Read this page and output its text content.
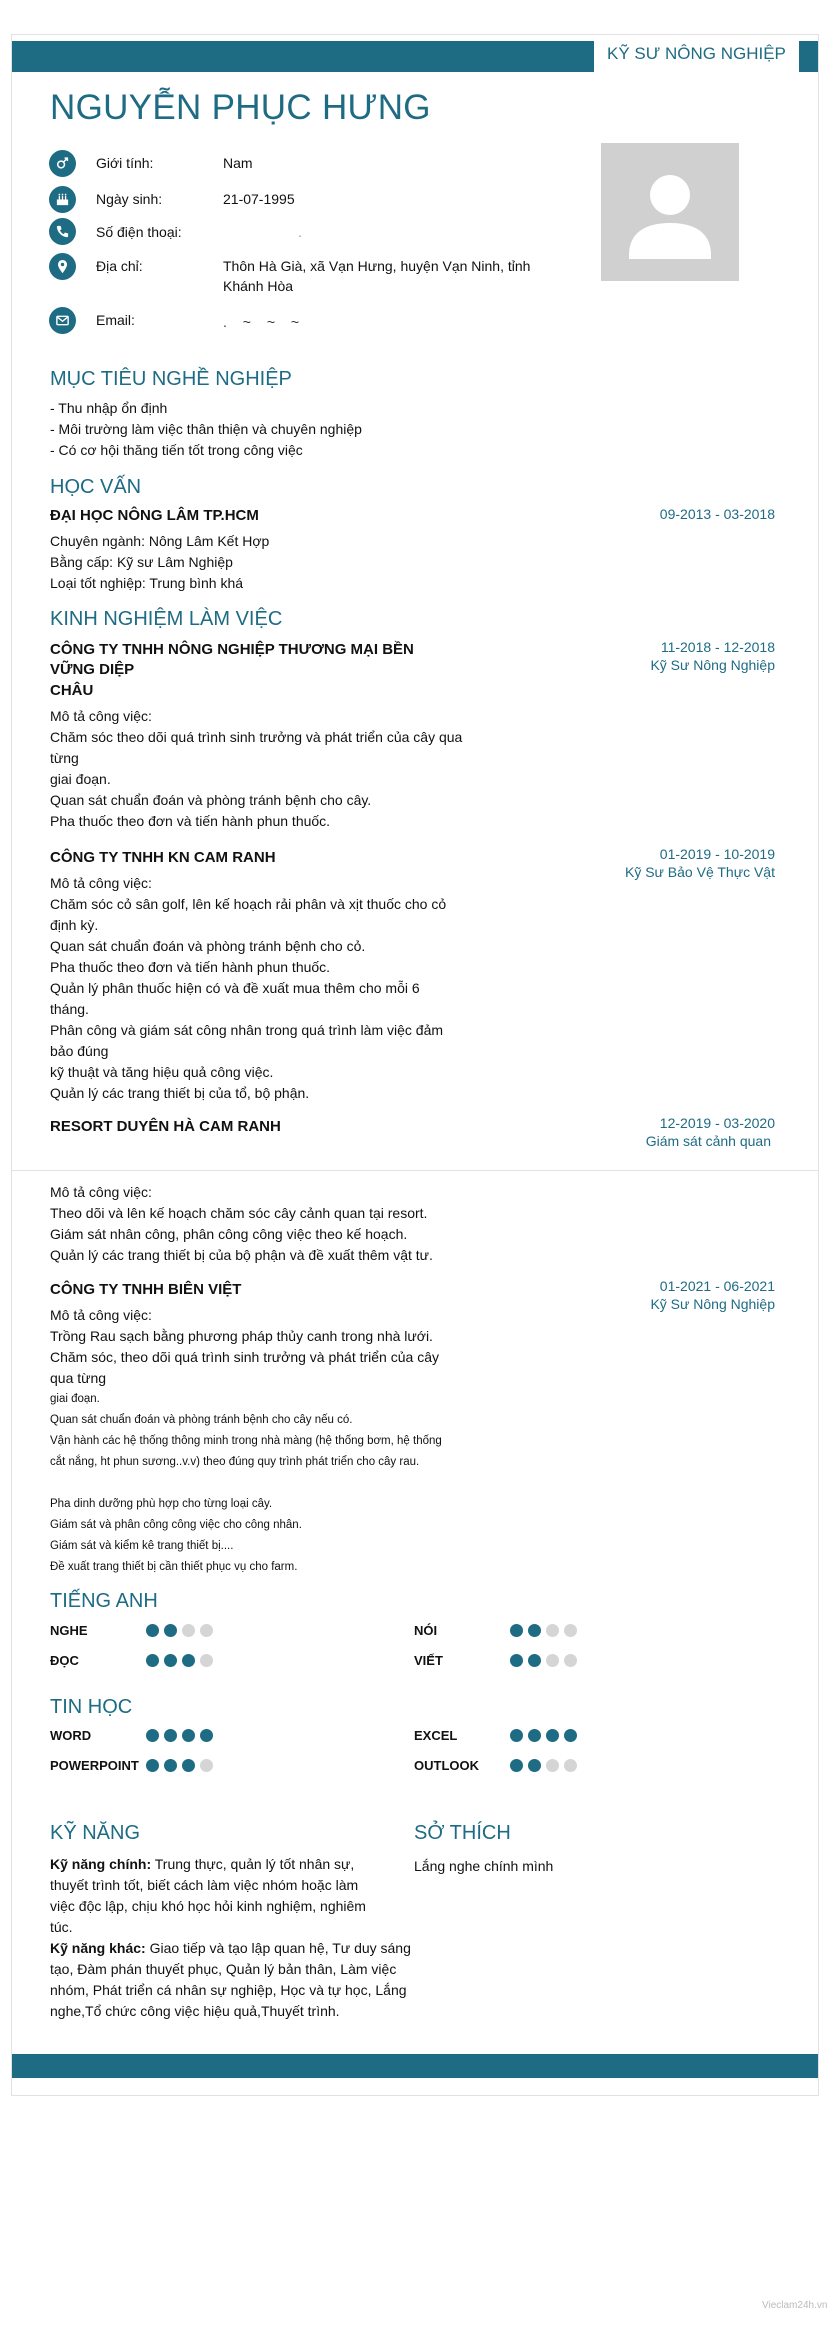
KỸ SƯ NÔNG NGHIỆP
NGUYỄN PHỤC HƯNG
Giới tính:	Nam
Ngày sinh:	21-07-1995
Số điện thoại:	.
Địa chỉ:	Thôn Hà Già, xã Vạn Hưng, huyện Vạn Ninh, tỉnh Khánh Hòa
Email:	. ~ ~ ~
MỤC TIÊU NGHỀ NGHIỆP
- Thu nhập ổn định
- Môi trường làm việc thân thiện và chuyên nghiệp
- Có cơ hội thăng tiến tốt trong công việc
HỌC VẤN
ĐẠI HỌC NÔNG LÂM TP.HCM	09-2013 - 03-2018
Chuyên ngành: Nông Lâm Kết Hợp
Bằng cấp: Kỹ sư Lâm Nghiệp
Loại tốt nghiệp: Trung bình khá
KINH NGHIỆM LÀM VIỆC
CÔNG TY TNHH NÔNG NGHIỆP THƯƠNG MẠI BỀN VỮNG DIỆP
CHÂU
11-2018 - 12-2018
Kỹ Sư Nông Nghiệp
Mô tả công việc:
Chăm sóc theo dõi quá trình sinh trưởng và phát triển của cây qua từng
giai đoạn.
Quan sát chuẩn đoán và phòng tránh bệnh cho cây.
Pha thuốc theo đơn và tiến hành phun thuốc.
CÔNG TY TNHH KN CAM RANH	01-2019 - 10-2019
Kỹ Sư Bảo Vệ Thực Vật
Mô tả công việc:
Chăm sóc cỏ sân golf, lên kế hoạch rải phân và xịt thuốc cho cỏ định kỳ.
Quan sát chuẩn đoán và phòng tránh bệnh cho cỏ.
Pha thuốc theo đơn và tiến hành phun thuốc.
Quản lý phân thuốc hiện có và đề xuất mua thêm cho mỗi 6 tháng.
Phân công và giám sát công nhân trong quá trình làm việc đảm bảo đúng
kỹ thuật và tăng hiệu quả công việc.
Quản lý các trang thiết bị của tổ, bộ phận.
RESORT DUYÊN HÀ CAM RANH	12-2019 - 03-2020
Giám sát cảnh quan
Mô tả công việc:
Theo dõi và lên kế hoạch chăm sóc cây cảnh quan tại resort.
Giám sát nhân công, phân công công việc theo kế hoạch.
Quản lý các trang thiết bị của bộ phận và đề xuất thêm vật tư.
CÔNG TY TNHH BIÊN VIỆT	01-2021 - 06-2021
Kỹ Sư Nông Nghiệp
Mô tả công việc:
Trồng Rau sạch bằng phương pháp thủy canh trong nhà lưới.
Chăm sóc, theo dõi quá trình sinh trưởng và phát triển của cây qua từng
giai đoạn.
Quan sát chuẩn đoán và phòng tránh bệnh cho cây nếu có.
Vận hành các hệ thống thông minh trong nhà màng (hệ thống bơm, hệ thống cắt nắng, ht phun sương..v.v) theo đúng quy trình phát triển cho cây rau.
Pha dinh dưỡng phù hợp cho từng loại cây.
Giám sát và phân công công việc cho công nhân.
Giám sát và kiểm kê trang thiết bị....
Đề xuất trang thiết bị cần thiết phục vụ cho farm.
TIẾNG ANH
NGHE	NÓI
ĐỌC	VIẾT
TIN HỌC
WORD	EXCEL
POWERPOINT	OUTLOOK
KỸ NĂNG
Kỹ năng chính: Trung thực, quản lý tốt nhân sự, thuyết trình tốt, biết cách làm việc nhóm hoặc làm việc độc lập, chịu khó học hỏi kinh nghiệm, nghiêm túc.
Kỹ năng khác: Giao tiếp và tạo lập quan hệ, Tư duy sáng tạo, Đàm phán thuyết phục, Quản lý bản thân, Làm việc nhóm, Phát triển cá nhân sự nghiệp, Học và tự học, Lắng nghe,Tổ chức công việc hiệu quả,Thuyết trình.
SỞ THÍCH
Lắng nghe chính mình
Vieclam24h.vn
